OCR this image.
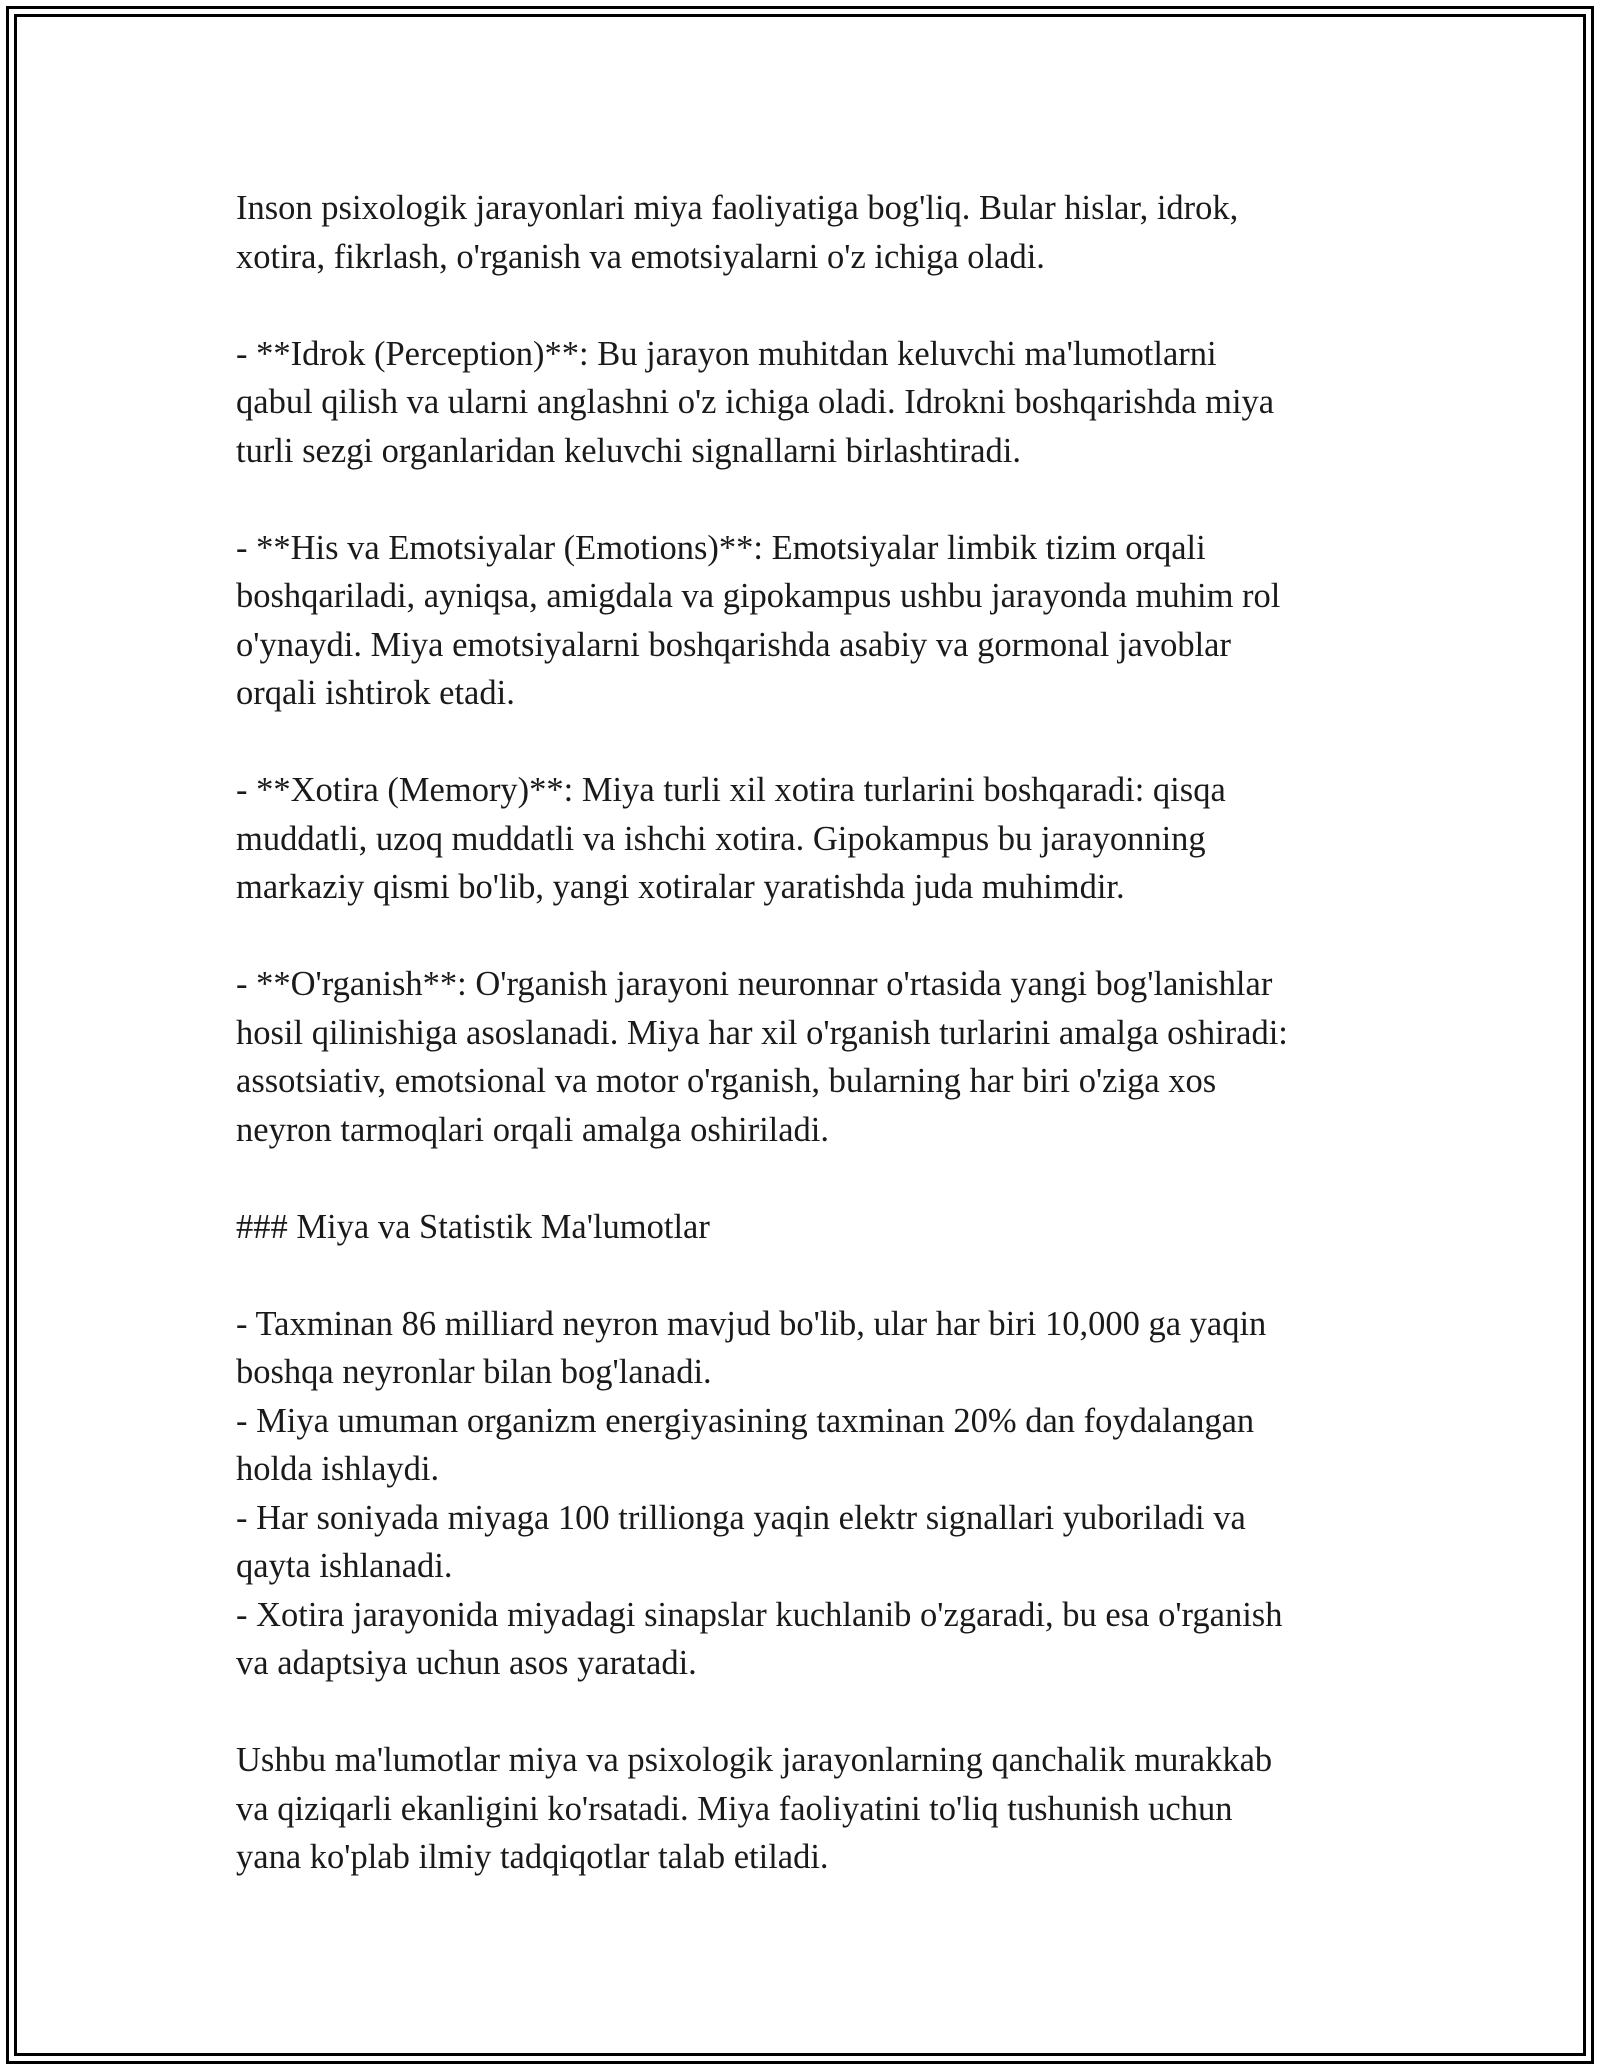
Inson psixologik jarayonlari miya faoliyatiga bog'liq. Bular hislar, idrok,
xotira, fikrlash, o'rganish va emotsiyalarni o'z ichiga oladi.

- **Idrok (Perception)**: Bu jarayon muhitdan keluvchi ma'lumotlarni
qabul qilish va ularni anglashni o'z ichiga oladi. Idrokni boshqarishda miya
turli sezgi organlaridan keluvchi signallarni birlashtiradi.

- **His va Emotsiyalar (Emotions)**: Emotsiyalar limbik tizim orqali
boshqariladi, ayniqsa, amigdala va gipokampus ushbu jarayonda muhim rol
o'ynaydi. Miya emotsiyalarni boshqarishda asabiy va gormonal javoblar
orqali ishtirok etadi.

- **Xotira (Memory)**: Miya turli xil xotira turlarini boshqaradi: qisqa
muddatli, uzoq muddatli va ishchi xotira. Gipokampus bu jarayonning
markaziy qismi bo'lib, yangi xotiralar yaratishda juda muhimdir.

- **O'rganish**: O'rganish jarayoni neuronnar o'rtasida yangi bog'lanishlar
hosil qilinishiga asoslanadi. Miya har xil o'rganish turlarini amalga oshiradi:
assotsiativ, emotsional va motor o'rganish, bularning har biri o'ziga xos
neyron tarmoqlari orqali amalga oshiriladi.

### Miya va Statistik Ma'lumotlar

- Taxminan 86 milliard neyron mavjud bo'lib, ular har biri 10,000 ga yaqin
boshqa neyronlar bilan bog'lanadi.
- Miya umuman organizm energiyasining taxminan 20% dan foydalangan
holda ishlaydi.
- Har soniyada miyaga 100 trillionga yaqin elektr signallari yuboriladi va
qayta ishlanadi.
- Xotira jarayonida miyadagi sinapslar kuchlanib o'zgaradi, bu esa o'rganish
va adaptsiya uchun asos yaratadi.

Ushbu ma'lumotlar miya va psixologik jarayonlarning qanchalik murakkab
va qiziqarli ekanligini ko'rsatadi. Miya faoliyatini to'liq tushunish uchun
yana ko'plab ilmiy tadqiqotlar talab etiladi.
